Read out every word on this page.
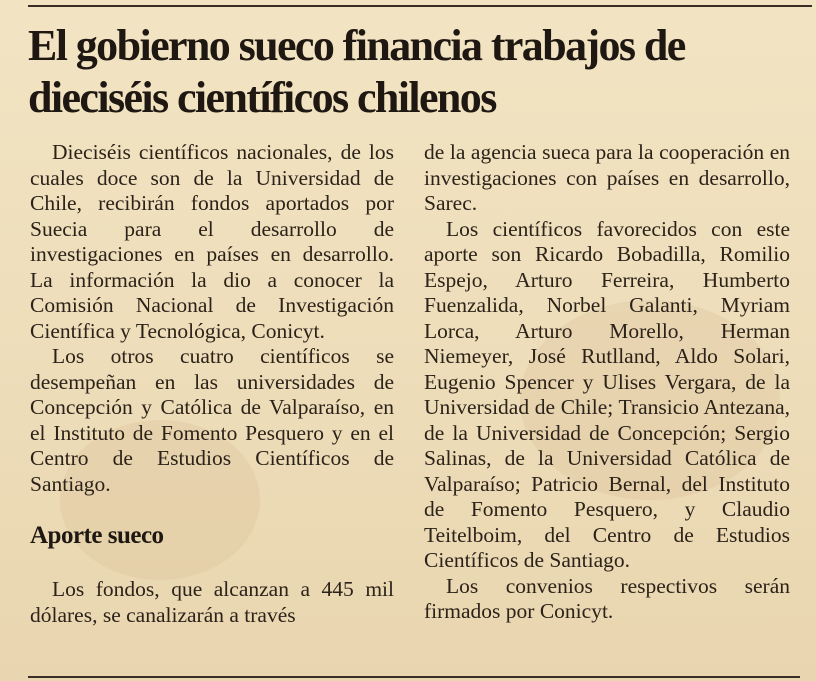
El gobierno sueco financia trabajos de dieciséis científicos chilenos

Dieciséis científicos nacionales, de los cuales doce son de la Universidad de Chile, recibirán fondos aportados por Suecia para el desarrollo de investigaciones en países en desarrollo. La información la dio a conocer la Comisión Nacional de Investigación Científica y Tecnológica, Conicyt.

Los otros cuatro científicos se desempeñan en las universidades de Concepción y Católica de Valparaíso, en el Instituto de Fomento Pesquero y en el Centro de Estudios Científicos de Santiago.

Aporte sueco

Los fondos, que alcanzan a 445 mil dólares, se canalizarán a través

de la agencia sueca para la cooperación en investigaciones con países en desarrollo, Sarec.

Los científicos favorecidos con este aporte son Ricardo Bobadilla, Romilio Espejo, Arturo Ferreira, Humberto Fuenzalida, Norbel Galanti, Myriam Lorca, Arturo Morello, Herman Niemeyer, José Rutlland, Aldo Solari, Eugenio Spencer y Ulises Vergara, de la Universidad de Chile; Transicio Antezana, de la Universidad de Concepción; Sergio Salinas, de la Universidad Católica de Valparaíso; Patricio Bernal, del Instituto de Fomento Pesquero, y Claudio Teitelboim, del Centro de Estudios Científicos de Santiago.

Los convenios respectivos serán firmados por Conicyt.
